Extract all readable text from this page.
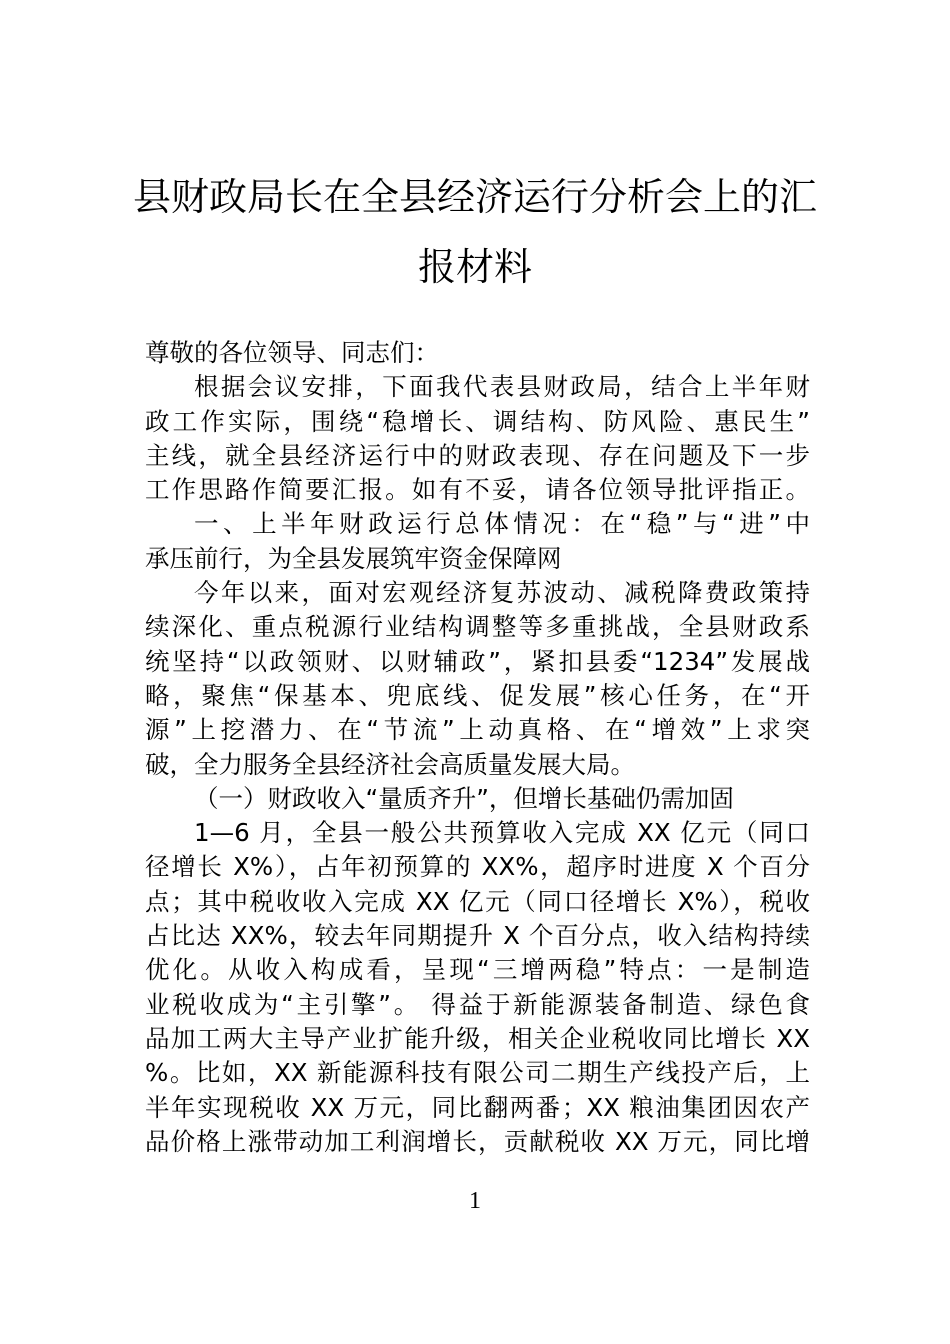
县财政局长在全县经济运行分析会上的汇
报材料
尊敬的各位领导、同志们：
根据会议安排，下面我代表县财政局，结合上半年财
政工作实际，围绕“稳增长、调结构、防风险、惠民生”
主线，就全县经济运行中的财政表现、存在问题及下一步
工作思路作简要汇报。如有不妥，请各位领导批评指正。
一、上半年财政运行总体情况：在“稳”与“进”中
承压前行，为全县发展筑牢资金保障网
今年以来，面对宏观经济复苏波动、减税降费政策持
续深化、重点税源行业结构调整等多重挑战，全县财政系
统坚持“以政领财、以财辅政”，紧扣县委“1234”发展战
略，聚焦“保基本、兜底线、促发展”核心任务，在“开
源”上挖潜力、在“节流”上动真格、在“增效”上求突
破，全力服务全县经济社会高质量发展大局。
（一）财政收入“量质齐升”，但增长基础仍需加固
1—6 月，全县一般公共预算收入完成 XX 亿元（同口
径增长 X%），占年初预算的 XX%，超序时进度 X 个百分
点；其中税收收入完成 XX 亿元（同口径增长 X%），税收
占比达 XX%，较去年同期提升 X 个百分点，收入结构持续
优化。从收入构成看，呈现“三增两稳”特点：一是制造
业税收成为“主引擎”。 得益于新能源装备制造、绿色食
品加工两大主导产业扩能升级，相关企业税收同比增长 XX
%。比如，XX 新能源科技有限公司二期生产线投产后，上
半年实现税收 XX 万元，同比翻两番；XX 粮油集团因农产
品价格上涨带动加工利润增长，贡献税收 XX 万元，同比增
1
